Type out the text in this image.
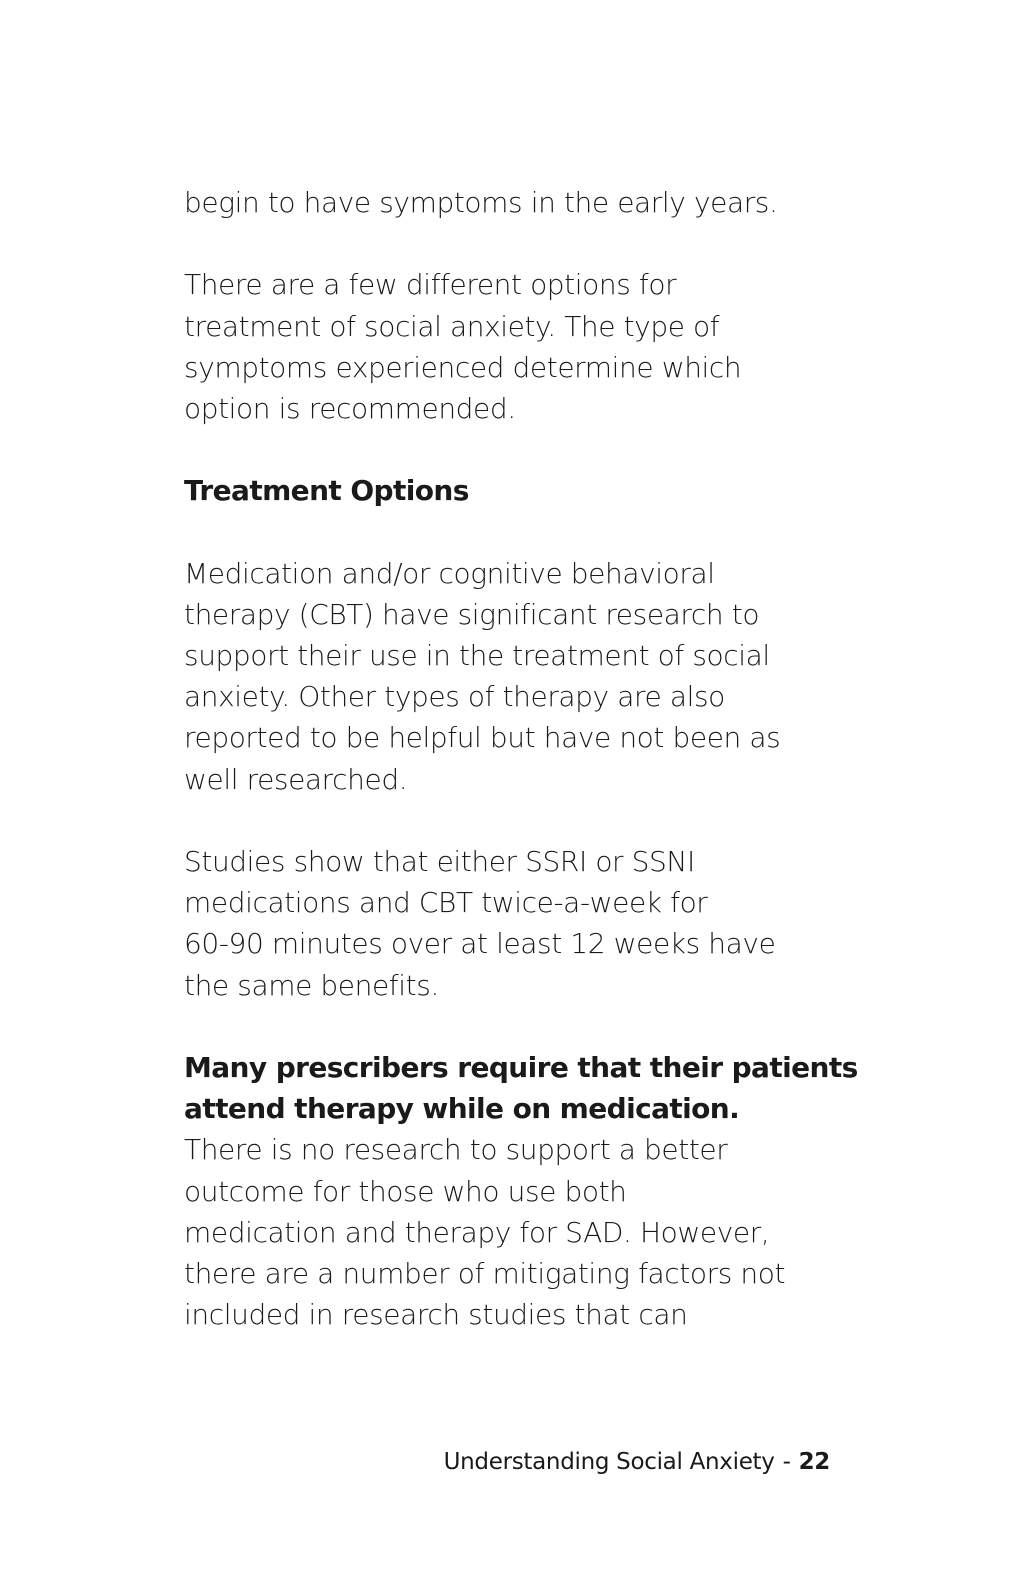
begin to have symptoms in the early years.
There are a few different options for
treatment of social anxiety. The type of
symptoms experienced determine which
option is recommended.
Treatment Options
Medication and/or cognitive behavioral
therapy (CBT) have significant research to
support their use in the treatment of social
anxiety. Other types of therapy are also
reported to be helpful but have not been as
well researched.
Studies show that either SSRI or SSNI
medications and CBT twice-a-week for
60-90 minutes over at least 12 weeks have
the same benefits.
Many prescribers require that their patients
attend therapy while on medication.
There is no research to support a better
outcome for those who use both
medication and therapy for SAD. However,
there are a number of mitigating factors not
included in research studies that can
Understanding Social Anxiety - 22
